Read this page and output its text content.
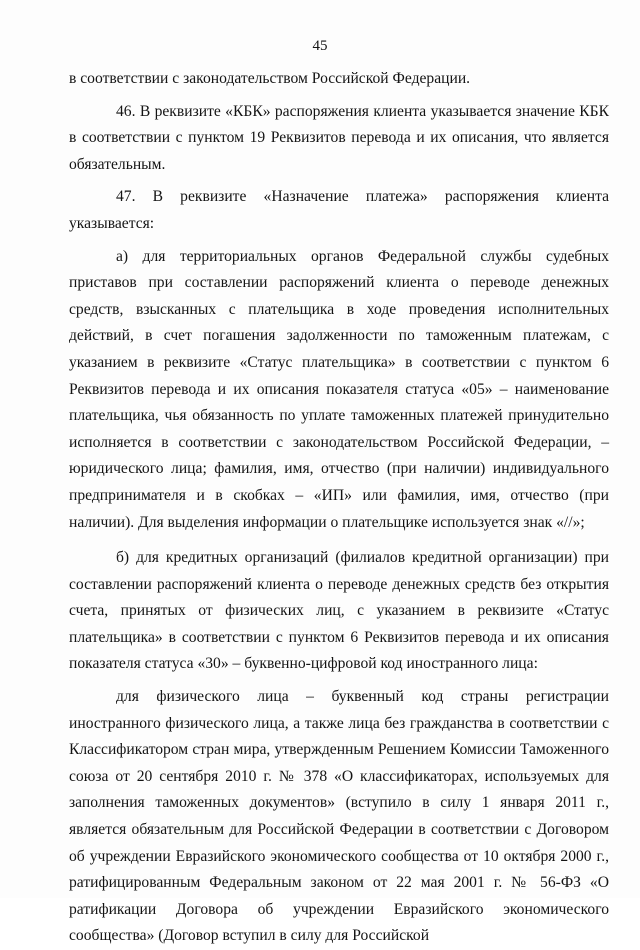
45

в соответствии с законодательством Российской Федерации.

46. В реквизите «КБК» распоряжения клиента указывается значение КБК в соответствии с пунктом 19 Реквизитов перевода и их описания, что является обязательным.

47. В реквизите «Назначение платежа» распоряжения клиента указывается:

а) для территориальных органов Федеральной службы судебных приставов при составлении распоряжений клиента о переводе денежных средств, взысканных с плательщика в ходе проведения исполнительных действий, в счет погашения задолженности по таможенным платежам, с указанием в реквизите «Статус плательщика» в соответствии с пунктом 6 Реквизитов перевода и их описания показателя статуса «05» – наименование плательщика, чья обязанность по уплате таможенных платежей принудительно исполняется в соответствии с законодательством Российской Федерации, – юридического лица; фамилия, имя, отчество (при наличии) индивидуального предпринимателя и в скобках – «ИП» или фамилия, имя, отчество (при наличии). Для выделения информации о плательщике используется знак «//»;

б) для кредитных организаций (филиалов кредитной организации) при составлении распоряжений клиента о переводе денежных средств без открытия счета, принятых от физических лиц, с указанием в реквизите «Статус плательщика» в соответствии с пунктом 6 Реквизитов перевода и их описания показателя статуса «30» – буквенно-цифровой код иностранного лица:

для физического лица – буквенный код страны регистрации иностранного физического лица, а также лица без гражданства в соответствии с Классификатором стран мира, утвержденным Решением Комиссии Таможенного союза от 20 сентября 2010 г. № 378 «О классификаторах, используемых для заполнения таможенных документов» (вступило в силу 1 января 2011 г., является обязательным для Российской Федерации в соответствии с Договором об учреждении Евразийского экономического сообщества от 10 октября 2000 г., ратифицированным Федеральным законом от 22 мая 2001 г. № 56-ФЗ «О ратификации Договора об учреждении Евразийского экономического сообщества» (Договор вступил в силу для Российской
